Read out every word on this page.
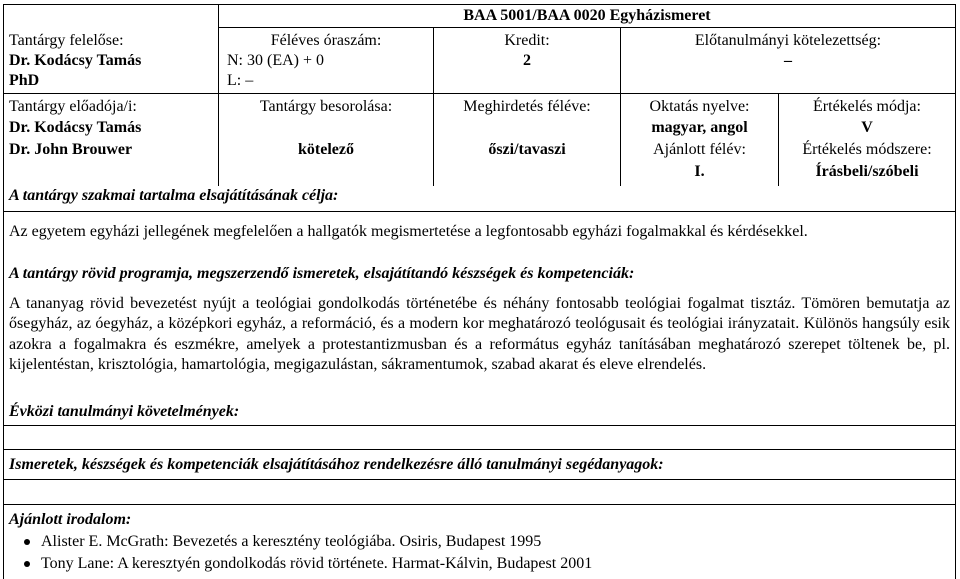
BAA 5001/BAA 0020 Egyházismeret
Tantárgy felelőse:
Dr. Kodácsy Tamás
PhD
Féléves óraszám:
N: 30 (EA) + 0
L: –
Kredit:
2
Előtanulmányi kötelezettség:
–
Tantárgy előadója/i:
Dr. Kodácsy Tamás
Dr. John Brouwer
Tantárgy besorolása:
kötelező
Meghirdetés féléve:
őszi/tavaszi
Oktatás nyelve:
magyar, angol
Ajánlott félév:
I.
Értékelés módja:
V
Értékelés módszere:
Írásbeli/szóbeli
A tantárgy szakmai tartalma elsajátításának célja:
Az egyetem egyházi jellegének megfelelően a hallgatók megismertetése a legfontosabb egyházi fogalmakkal és kérdésekkel.
A tantárgy rövid programja, megszerzendő ismeretek, elsajátítandó készségek és kompetenciák:
A tananyag rövid bevezetést nyújt a teológiai gondolkodás történetébe és néhány fontosabb teológiai fogalmat tisztáz. Tömören bemutatja az ősegyház, az óegyház, a középkori egyház, a reformáció, és a modern kor meghatározó teológusait és teológiai irányzatait. Különös hangsúly esik azokra a fogalmakra és eszmékre, amelyek a protestantizmusban és a református egyház tanításában meghatározó szerepet töltenek be, pl. kijelentéstan, krisztológia, hamartológia, megigazulástan, sákramentumok, szabad akarat és eleve elrendelés.
Évközi tanulmányi követelmények:
Ismeretek, készségek és kompetenciák elsajátításához rendelkezésre álló tanulmányi segédanyagok:
Ajánlott irodalom:
Alister E. McGrath: Bevezetés a keresztény teológiába. Osiris, Budapest 1995
Tony Lane: A keresztyén gondolkodás rövid története. Harmat-Kálvin, Budapest 2001
